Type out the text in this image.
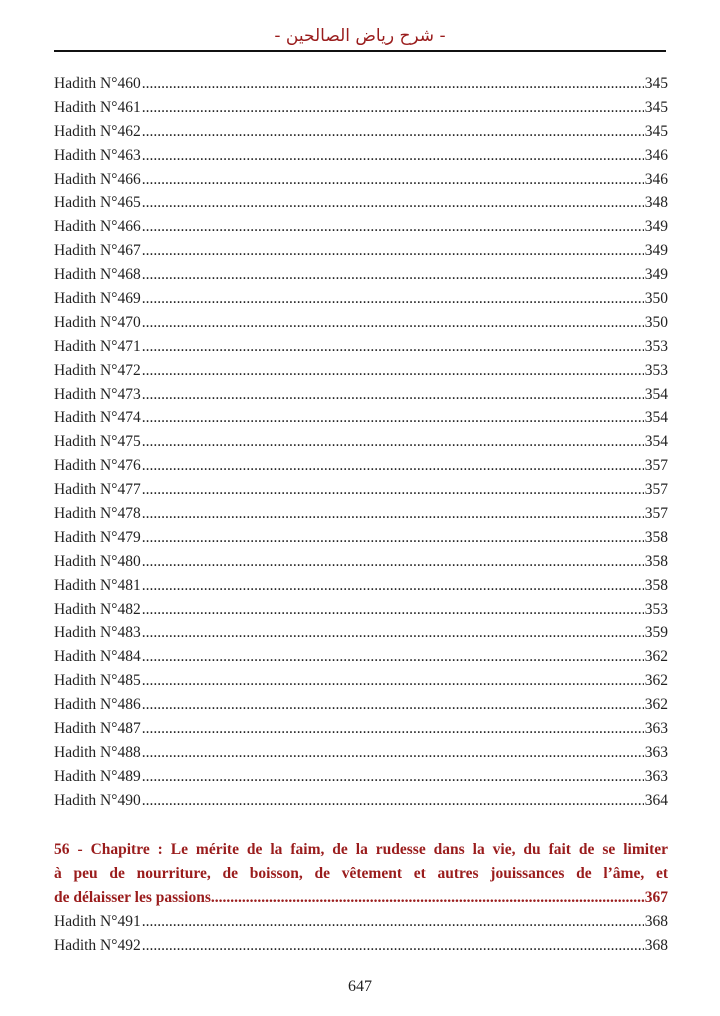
- شرح رياض الصالحين -
Hadith N°460 .....	345
Hadith N°461 .....	345
Hadith N°462 .....	345
Hadith N°463 .....	346
Hadith N°466 .....	346
Hadith N°465 .....	348
Hadith N°466 .....	349
Hadith N°467 .....	349
Hadith N°468 .....	349
Hadith N°469 .....	350
Hadith N°470 .....	350
Hadith N°471 .....	353
Hadith N°472 .....	353
Hadith N°473 .....	354
Hadith N°474 .....	354
Hadith N°475 .....	354
Hadith N°476 .....	357
Hadith N°477 .....	357
Hadith N°478 .....	357
Hadith N°479 .....	358
Hadith N°480 .....	358
Hadith N°481 .....	358
Hadith N°482 .....	353
Hadith N°483 .....	359
Hadith N°484 .....	362
Hadith N°485 .....	362
Hadith N°486 .....	362
Hadith N°487 .....	363
Hadith N°488 .....	363
Hadith N°489 .....	363
Hadith N°490 .....	364
56 - Chapitre : Le mérite de la faim, de la rudesse dans la vie, du fait de se limiter
à peu de nourriture, de boisson, de vêtement et autres jouissances de l’âme, et
de délaisser les passions .....	367
Hadith N°491 .....	368
Hadith N°492 .....	368
647
